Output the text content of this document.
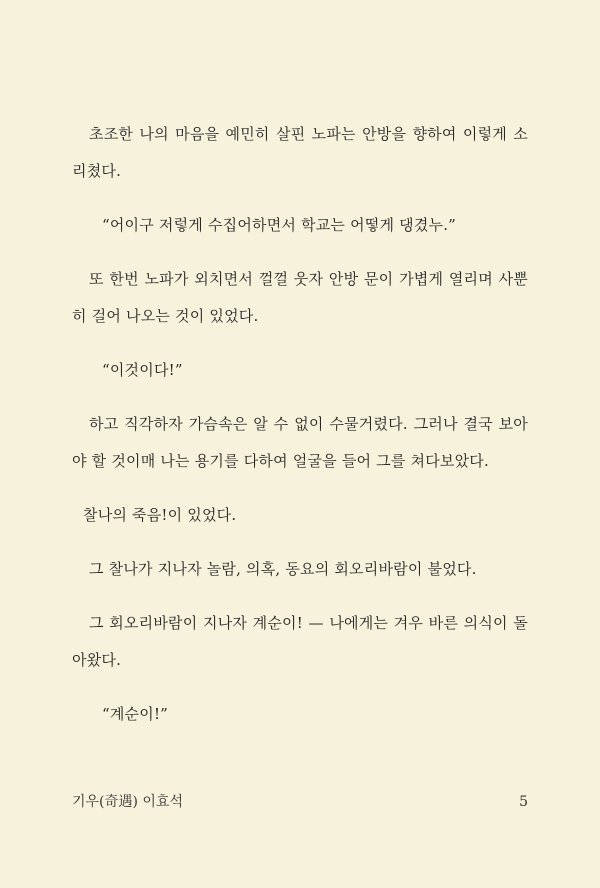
초조한 나의 마음을 예민히 살핀 노파는 안방을 향하여 이렇게 소리쳤다.

“어이구 저렇게 수집어하면서 학교는 어떻게 댕겼누.”

또 한번 노파가 외치면서 껄껄 웃자 안방 문이 가볍게 열리며 사뿐히 걸어 나오는 것이 있었다.

“이것이다!”

하고 직각하자 가슴속은 알 수 없이 수물거렸다. 그러나 결국 보아야 할 것이매 나는 용기를 다하여 얼굴을 들어 그를 쳐다보았다.

찰나의 죽음!이 있었다.

그 찰나가 지나자 놀람, 의혹, 동요의 회오리바람이 불었다.

그 회오리바람이 지나자 계순이! — 나에게는 겨우 바른 의식이 돌아왔다.

“계순이!”

기우(奇遇) 이효석	5
